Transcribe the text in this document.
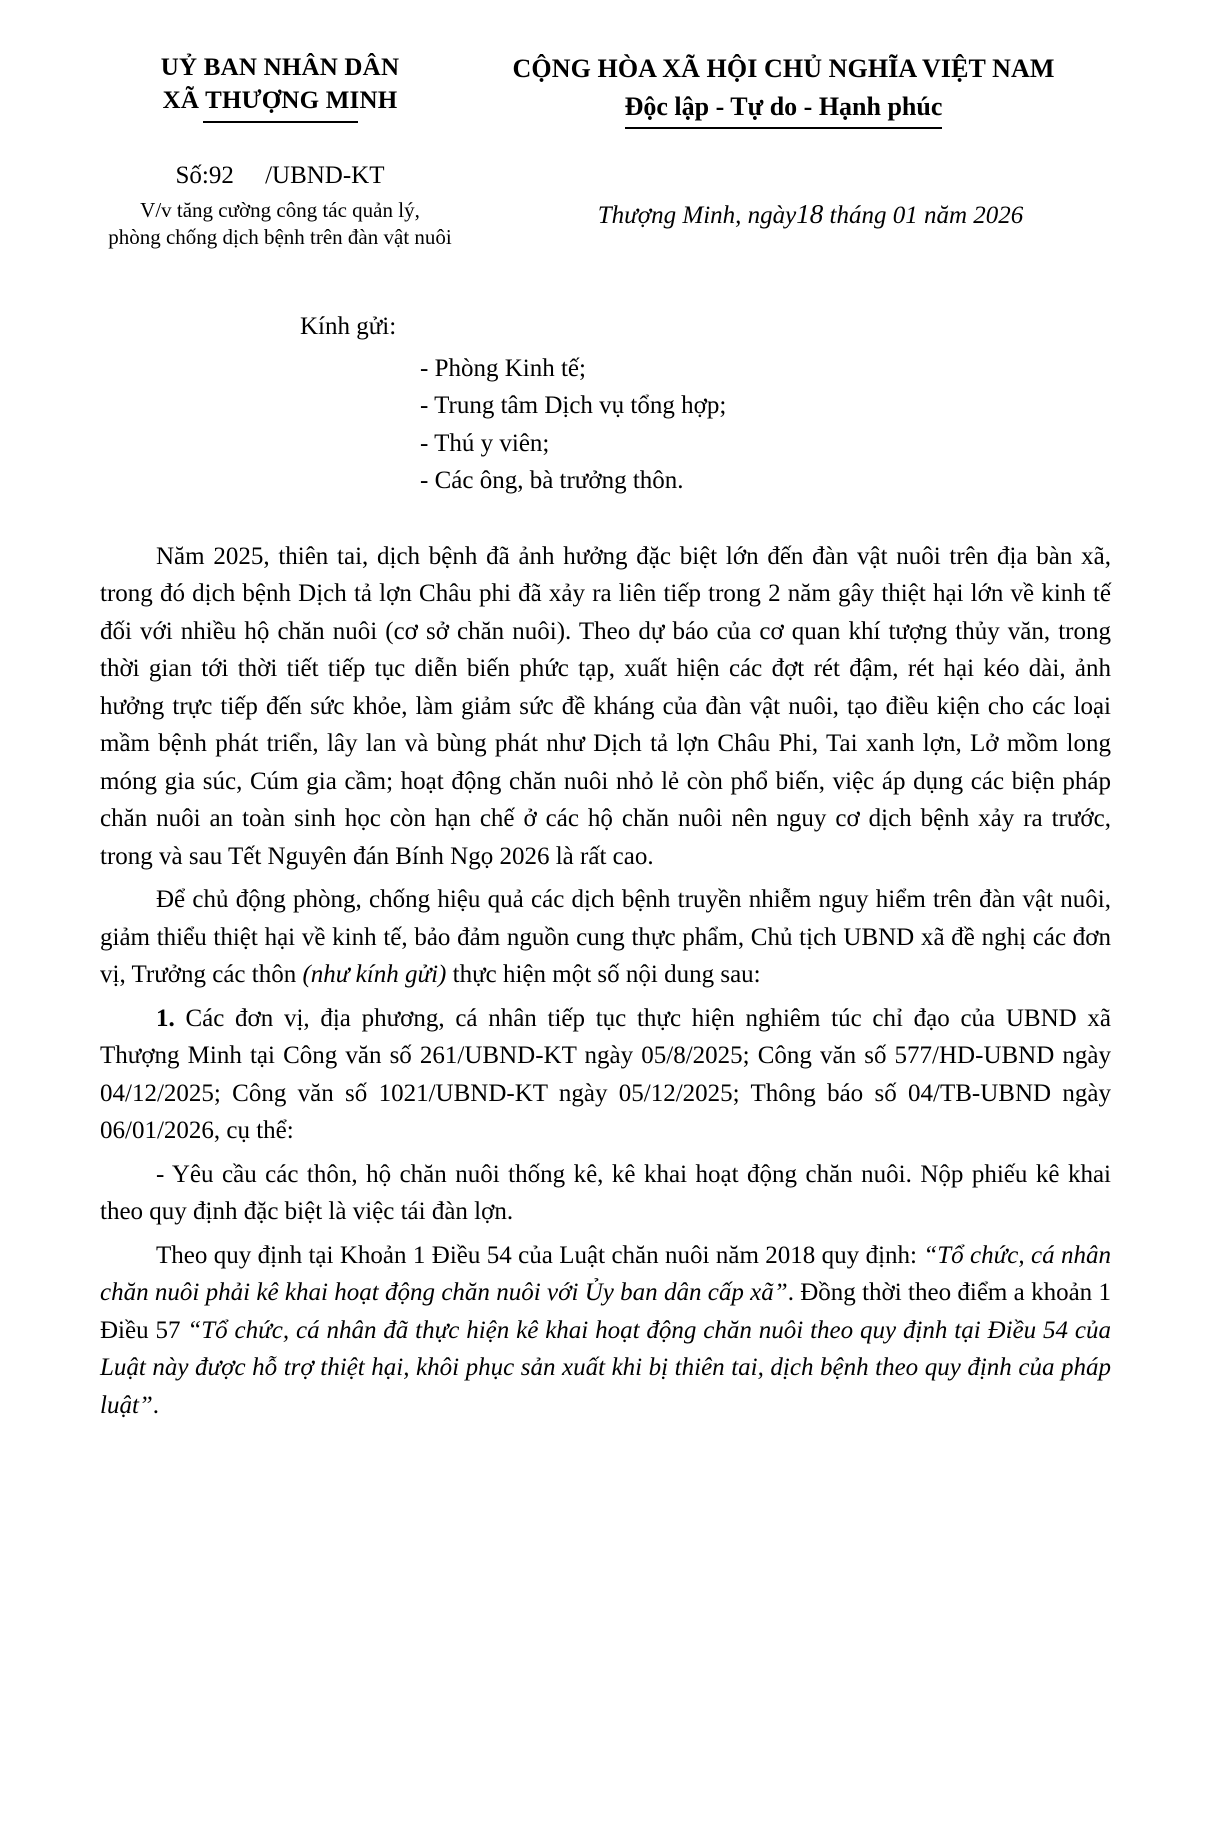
UỶ BAN NHÂN DÂN
XÃ THƯỢNG MINH
CỘNG HÒA XÃ HỘI CHỦ NGHĨA VIỆT NAM
Độc lập - Tự do - Hạnh phúc
Số:92     /UBND-KT
V/v tăng cường công tác quản lý,
phòng chống dịch bệnh trên đàn vật nuôi

Thượng Minh, ngày18 tháng 01 năm 2026

Kính gửi:
- Phòng Kinh tế;
- Trung tâm Dịch vụ tổng hợp;
- Thú y viên;
- Các ông, bà trưởng thôn.

Năm 2025, thiên tai, dịch bệnh đã ảnh hưởng đặc biệt lớn đến đàn vật nuôi trên địa bàn xã, trong đó dịch bệnh Dịch tả lợn Châu phi đã xảy ra liên tiếp trong 2 năm gây thiệt hại lớn về kinh tế đối với nhiều hộ chăn nuôi (cơ sở chăn nuôi). Theo dự báo của cơ quan khí tượng thủy văn, trong thời gian tới thời tiết tiếp tục diễn biến phức tạp, xuất hiện các đợt rét đậm, rét hại kéo dài, ảnh hưởng trực tiếp đến sức khỏe, làm giảm sức đề kháng của đàn vật nuôi, tạo điều kiện cho các loại mầm bệnh phát triển, lây lan và bùng phát như Dịch tả lợn Châu Phi, Tai xanh lợn, Lở mồm long móng gia súc, Cúm gia cầm; hoạt động chăn nuôi nhỏ lẻ còn phổ biến, việc áp dụng các biện pháp chăn nuôi an toàn sinh học còn hạn chế ở các hộ chăn nuôi nên nguy cơ dịch bệnh xảy ra trước, trong và sau Tết Nguyên đán Bính Ngọ 2026 là rất cao.

Để chủ động phòng, chống hiệu quả các dịch bệnh truyền nhiễm nguy hiểm trên đàn vật nuôi, giảm thiểu thiệt hại về kinh tế, bảo đảm nguồn cung thực phẩm, Chủ tịch UBND xã đề nghị các đơn vị, Trưởng các thôn (như kính gửi) thực hiện một số nội dung sau:

1. Các đơn vị, địa phương, cá nhân tiếp tục thực hiện nghiêm túc chỉ đạo của UBND xã Thượng Minh tại Công văn số 261/UBND-KT ngày 05/8/2025; Công văn số 577/HD-UBND ngày 04/12/2025; Công văn số 1021/UBND-KT ngày 05/12/2025; Thông báo số 04/TB-UBND ngày 06/01/2026, cụ thể:

- Yêu cầu các thôn, hộ chăn nuôi thống kê, kê khai hoạt động chăn nuôi. Nộp phiếu kê khai theo quy định đặc biệt là việc tái đàn lợn.

Theo quy định tại Khoản 1 Điều 54 của Luật chăn nuôi năm 2018 quy định: “Tổ chức, cá nhân chăn nuôi phải kê khai hoạt động chăn nuôi với Ủy ban dân cấp xã”. Đồng thời theo điểm a khoản 1 Điều 57 “Tổ chức, cá nhân đã thực hiện kê khai hoạt động chăn nuôi theo quy định tại Điều 54 của Luật này được hỗ trợ thiệt hại, khôi phục sản xuất khi bị thiên tai, dịch bệnh theo quy định của pháp luật”.
